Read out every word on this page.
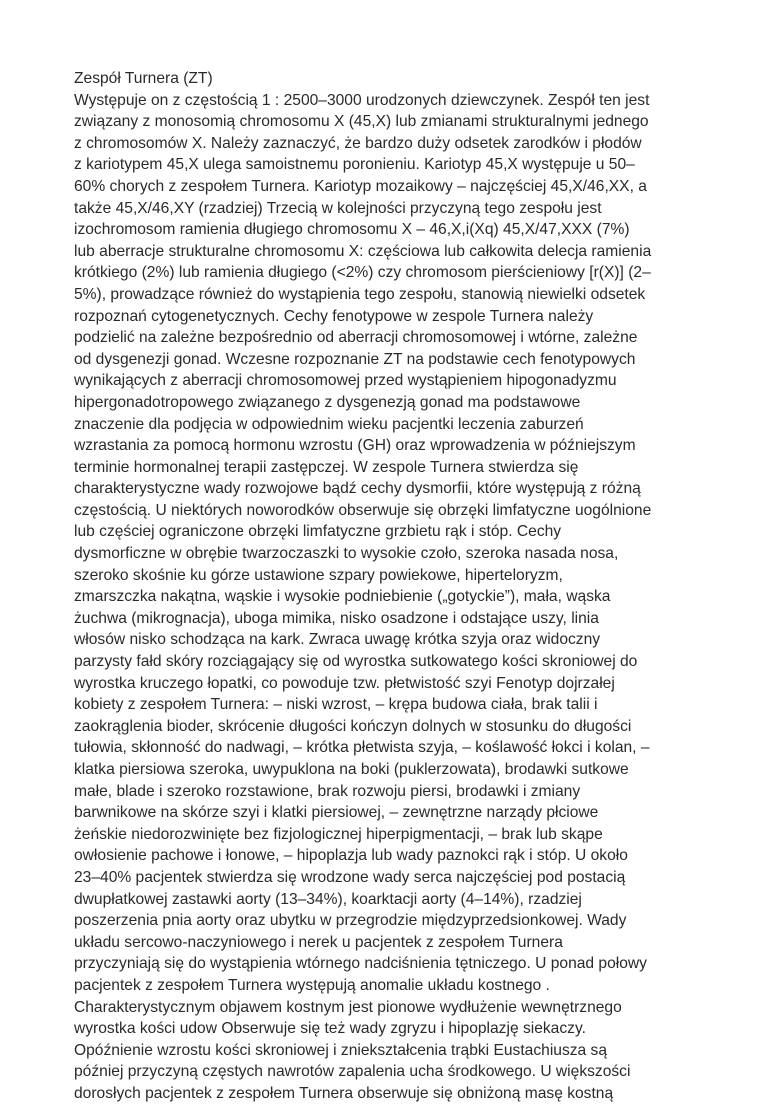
Zespół Turnera (ZT)
Występuje on z częstością 1 : 2500–3000 urodzonych dziewczynek. Zespół ten jest
związany z monosomią chromosomu X (45,X) lub zmianami strukturalnymi jednego
z chromosomów X. Należy zaznaczyć, że bardzo duży odsetek zarodków i płodów
z kariotypem 45,X ulega samoistnemu poronieniu. Kariotyp 45,X występuje u 50–
60% chorych z zespołem Turnera. Kariotyp mozaikowy – najczęściej 45,X/46,XX, a
także 45,X/46,XY (rzadziej) Trzecią w kolejności przyczyną tego zespołu jest
izochromosom ramienia długiego chromosomu X – 46,X,i(Xq) 45,X/47,XXX (7%)
lub aberracje strukturalne chromosomu X: częściowa lub całkowita delecja ramienia
krótkiego (2%) lub ramienia długiego (<2%) czy chromosom pierścieniowy [r(X)] (2–
5%), prowadzące również do wystąpienia tego zespołu, stanowią niewielki odsetek
rozpoznań cytogenetycznych. Cechy fenotypowe w zespole Turnera należy
podzielić na zależne bezpośrednio od aberracji chromosomowej i wtórne, zależne
od dysgenezji gonad. Wczesne rozpoznanie ZT na podstawie cech fenotypowych
wynikających z aberracji chromosomowej przed wystąpieniem hipogonadyzmu
hipergonadotropowego związanego z dysgenezją gonad ma podstawowe
znaczenie dla podjęcia w odpowiednim wieku pacjentki leczenia zaburzeń
wzrastania za pomocą hormonu wzrostu (GH) oraz wprowadzenia w późniejszym
terminie hormonalnej terapii zastępczej. W zespole Turnera stwierdza się
charakterystyczne wady rozwojowe bądź cechy dysmorfii, które występują z różną
częstością. U niektórych noworodków obserwuje się obrzęki limfatyczne uogólnione
lub częściej ograniczone obrzęki limfatyczne grzbietu rąk i stóp. Cechy
dysmorficzne w obrębie twarzoczaszki to wysokie czoło, szeroka nasada nosa,
szeroko skośnie ku górze ustawione szpary powiekowe, hiperteloryzm,
zmarszczka nakątna, wąskie i wysokie podniebienie („gotyckie”), mała, wąska
żuchwa (mikrognacja), uboga mimika, nisko osadzone i odstające uszy, linia
włosów nisko schodząca na kark. Zwraca uwagę krótka szyja oraz widoczny
parzysty fałd skóry rozciągający się od wyrostka sutkowatego kości skroniowej do
wyrostka kruczego łopatki, co powoduje tzw. płetwistość szyi Fenotyp dojrzałej
kobiety z zespołem Turnera: – niski wzrost, – krępa budowa ciała, brak talii i
zaokrąglenia bioder, skrócenie długości kończyn dolnych w stosunku do długości
tułowia, skłonność do nadwagi, – krótka płetwista szyja, – koślawość łokci i kolan, –
klatka piersiowa szeroka, uwypuklona na boki (puklerzowata), brodawki sutkowe
małe, blade i szeroko rozstawione, brak rozwoju piersi, brodawki i zmiany
barwnikowe na skórze szyi i klatki piersiowej, – zewnętrzne narządy płciowe
żeńskie niedorozwinięte bez fizjologicznej hiperpigmentacji, – brak lub skąpe
owłosienie pachowe i łonowe, – hipoplazja lub wady paznokci rąk i stóp. U około
23–40% pacjentek stwierdza się wrodzone wady serca najczęściej pod postacią
dwupłatkowej zastawki aorty (13–34%), koarktacji aorty (4–14%), rzadziej
poszerzenia pnia aorty oraz ubytku w przegrodzie międzyprzedsionkowej. Wady
układu sercowo-naczyniowego i nerek u pacjentek z zespołem Turnera
przyczyniają się do wystąpienia wtórnego nadciśnienia tętniczego. U ponad połowy
pacjentek z zespołem Turnera występują anomalie układu kostnego .
Charakterystycznym objawem kostnym jest pionowe wydłużenie wewnętrznego
wyrostka kości udow Obserwuje się też wady zgryzu i hipoplazję siekaczy.
Opóźnienie wzrostu kości skroniowej i zniekształcenia trąbki Eustachiusza są
później przyczyną częstych nawrotów zapalenia ucha środkowego. U większości
dorosłych pacjentek z zespołem Turnera obserwuje się obniżoną masę kostną
